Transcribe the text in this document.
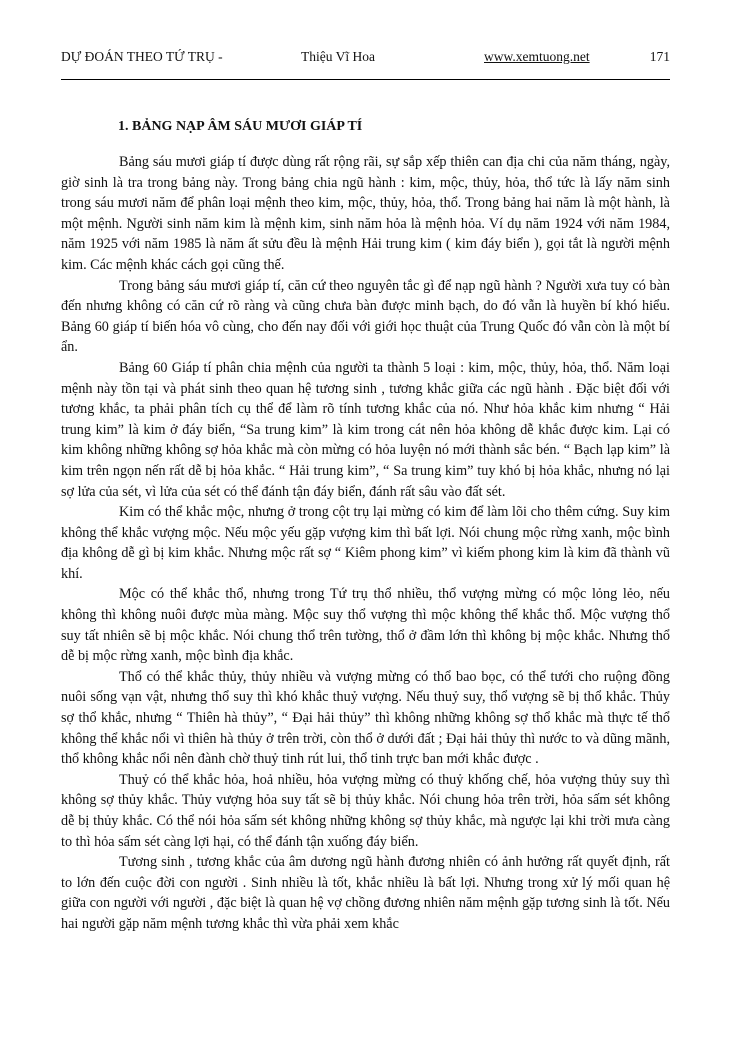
DỰ ĐOÁN THEO TỨ TRỤ -	Thiệu Vĩ Hoa	www.xemtuong.net	171
1. BẢNG NẠP ÂM SÁU MƯƠI GIÁP TÍ

Bảng sáu mươi giáp tí được dùng rất rộng rãi, sự sắp xếp thiên can địa chi của năm tháng, ngày, giờ sinh là tra trong bảng này. Trong bảng chia ngũ hành : kim, mộc, thủy, hỏa, thổ tức là lấy năm sinh trong sáu mươi năm để phân loại mệnh theo kim, mộc, thủy, hỏa, thổ. Trong bảng hai năm là một hành, là một mệnh. Người sinh năm kim là mệnh kim, sinh năm hỏa là mệnh hỏa. Ví dụ năm 1924 với năm 1984, năm 1925 với năm 1985 là năm ất sửu đều là mệnh Hải trung kim ( kim đáy biển ), gọi tắt là người mệnh kim. Các mệnh khác cách gọi cũng thế.

Trong bảng sáu mươi giáp tí, căn cứ theo nguyên tắc gì để nạp ngũ hành ? Người xưa tuy có bàn đến nhưng không có căn cứ rõ ràng và cũng chưa bàn được minh bạch, do đó vẫn là huyền bí khó hiểu. Bảng 60 giáp tí biến hóa vô cùng, cho đến nay đối với giới học thuật của Trung Quốc đó vẫn còn là một bí ẩn.

Bảng 60 Giáp tí phân chia mệnh của người ta thành 5 loại : kim, mộc, thủy, hỏa, thổ. Năm loại mệnh này tồn tại và phát sinh theo quan hệ tương sinh , tương khắc giữa các ngũ hành . Đặc biệt đối với tương khắc, ta phải phân tích cụ thể để làm rõ tính tương khắc của nó. Như hỏa khắc kim nhưng “ Hải trung kim” là kim ở đáy biển, “Sa trung kim” là kim trong cát nên hỏa không dễ khắc được kim. Lại có kim không những không sợ hỏa khắc mà còn mừng có hỏa luyện nó mới thành sắc bén. “ Bạch lạp kim” là kim trên ngọn nến rất dễ bị hỏa khắc. “ Hải trung kim”, “ Sa trung kim” tuy khó bị hỏa khắc, nhưng nó lại sợ lửa của sét, vì lửa của sét có thể đánh tận đáy biển, đánh rất sâu vào đất sét.

Kim có thể khắc mộc, nhưng ở trong cột trụ lại mừng có kim để làm lõi cho thêm cứng. Suy kim không thể khắc vượng mộc. Nếu mộc yếu gặp vượng kim thì bất lợi. Nói chung mộc rừng xanh, mộc bình địa không dễ gì bị kim khắc. Nhưng mộc rất sợ “ Kiêm phong kim” vì kiếm phong kim là kim đã thành vũ khí.

Mộc có thể khắc thổ, nhưng trong Tứ trụ thổ nhiều, thổ vượng mừng có mộc lỏng lẻo, nếu không thì không nuôi được mùa màng. Mộc suy thổ vượng thì mộc không thể khắc thổ. Mộc vượng thổ suy tất nhiên sẽ bị mộc khắc. Nói chung thổ trên tường, thổ ở đầm lớn thì không bị mộc khắc. Nhưng thổ dễ bị mộc rừng xanh, mộc bình địa khắc.

Thổ có thể khắc thủy, thủy nhiều và vượng mừng có thổ bao bọc, có thể tưới cho ruộng đồng nuôi sống vạn vật, nhưng thổ suy thì khó khắc thuỷ vượng. Nếu thuỷ suy, thổ vượng sẽ bị thổ khắc. Thủy sợ thổ khắc, nhưng “ Thiên hà thủy”, “ Đại hải thủy” thì không những không sợ thổ khắc mà thực tế thổ không thể khắc nổi vì thiên hà thủy ở trên trời, còn thổ ở dưới đất ; Đại hải thủy thì nước to và dũng mãnh, thổ không khắc nổi nên đành chờ thuỷ tinh rút lui, thổ tinh trực ban mới khắc được .

Thuỷ có thể khắc hỏa, hoả nhiều, hỏa vượng mừng có thuỷ khống chế, hỏa vượng thủy suy thì không sợ thủy khắc. Thủy vượng hỏa suy tất sẽ bị thủy khắc. Nói chung hỏa trên trời, hỏa sấm sét không dễ bị thủy khắc. Có thể nói hỏa sấm sét không những không sợ thủy khắc, mà ngược lại khi trời mưa càng to thì hỏa sấm sét càng lợi hại, có thể đánh tận xuống đáy biển.

Tương sinh , tương khắc của âm dương ngũ hành đương nhiên có ảnh hưởng rất quyết định, rất to lớn đến cuộc đời con người . Sinh nhiều là tốt, khắc nhiều là bất lợi. Nhưng trong xử lý mối quan hệ giữa con người với người , đặc biệt là quan hệ vợ chồng đương nhiên năm mệnh gặp tương sinh là tốt. Nếu hai người gặp năm mệnh tương khắc thì vừa phải xem khắc
